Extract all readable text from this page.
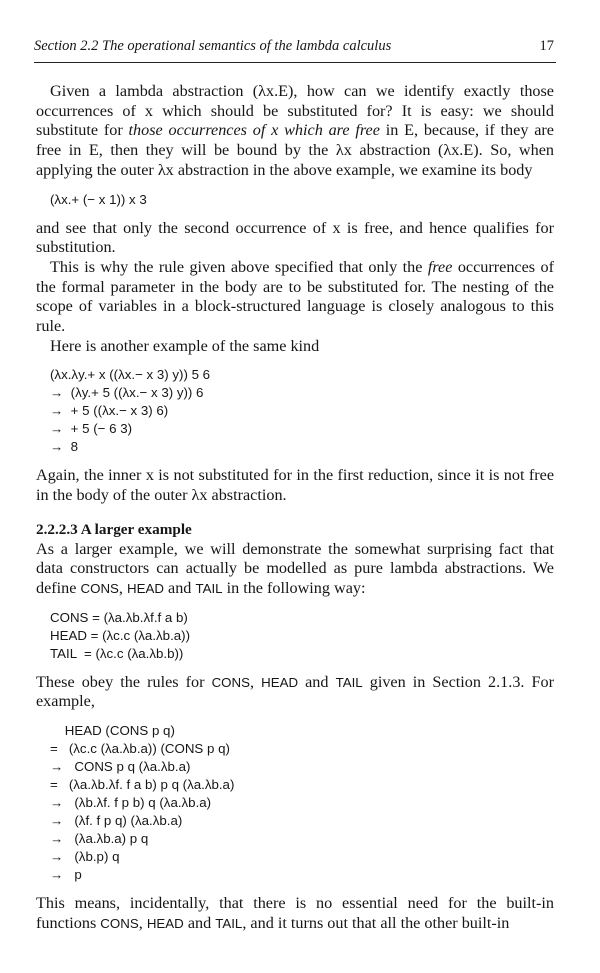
Section 2.2 The operational semantics of the lambda calculus	17

Given a lambda abstraction (λx.E), how can we identify exactly those occurrences of x which should be substituted for? It is easy: we should substitute for those occurrences of x which are free in E, because, if they are free in E, then they will be bound by the λx abstraction (λx.E). So, when applying the outer λx abstraction in the above example, we examine its body

(λx.+ (− x 1)) x 3

and see that only the second occurrence of x is free, and hence qualifies for substitution.

This is why the rule given above specified that only the free occurrences of the formal parameter in the body are to be substituted for. The nesting of the scope of variables in a block-structured language is closely analogous to this rule.

Here is another example of the same kind

(λx.λy.+ x ((λx.− x 3) y)) 5 6
→  (λy.+ 5 ((λx.− x 3) y)) 6
→  + 5 ((λx.− x 3) 6)
→  + 5 (− 6 3)
→  8

Again, the inner x is not substituted for in the first reduction, since it is not free in the body of the outer λx abstraction.

2.2.2.3 A larger example

As a larger example, we will demonstrate the somewhat surprising fact that data constructors can actually be modelled as pure lambda abstractions. We define CONS, HEAD and TAIL in the following way:

CONS = (λa.λb.λf.f a b)
HEAD = (λc.c (λa.λb.a))
TAIL  = (λc.c (λa.λb.b))

These obey the rules for CONS, HEAD and TAIL given in Section 2.1.3. For example,

HEAD (CONS p q)
=   (λc.c (λa.λb.a)) (CONS p q)
→   CONS p q (λa.λb.a)
=   (λa.λb.λf. f a b) p q (λa.λb.a)
→   (λb.λf. f p b) q (λa.λb.a)
→   (λf. f p q) (λa.λb.a)
→   (λa.λb.a) p q
→   (λb.p) q
→   p

This means, incidentally, that there is no essential need for the built-in functions CONS, HEAD and TAIL, and it turns out that all the other built-in
